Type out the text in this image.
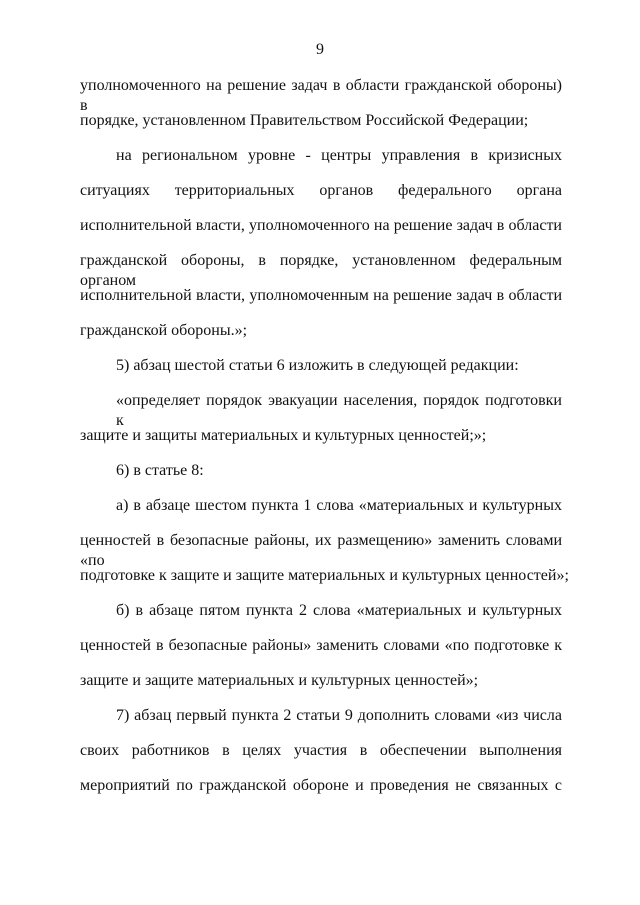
9
уполномоченного на решение задач в области гражданской обороны) в
порядке, установленном Правительством Российской Федерации;
на региональном уровне - центры управления в кризисных
ситуациях территориальных органов федерального органа
исполнительной власти, уполномоченного на решение задач в области
гражданской обороны, в порядке, установленном федеральным органом
исполнительной власти, уполномоченным на решение задач в области
гражданской обороны.»;
5) абзац шестой статьи 6 изложить в следующей редакции:
«определяет порядок эвакуации населения, порядок подготовки к
защите и защиты материальных и культурных ценностей;»;
6) в статье 8:
а) в абзаце шестом пункта 1 слова «материальных и культурных
ценностей в безопасные районы, их размещению» заменить словами «по
подготовке к защите и защите материальных и культурных ценностей»;
б) в абзаце пятом пункта 2 слова «материальных и культурных
ценностей в безопасные районы» заменить словами «по подготовке к
защите и защите материальных и культурных ценностей»;
7) абзац первый пункта 2 статьи 9 дополнить словами «из числа
своих работников в целях участия в обеспечении выполнения
мероприятий по гражданской обороне и проведения не связанных с
